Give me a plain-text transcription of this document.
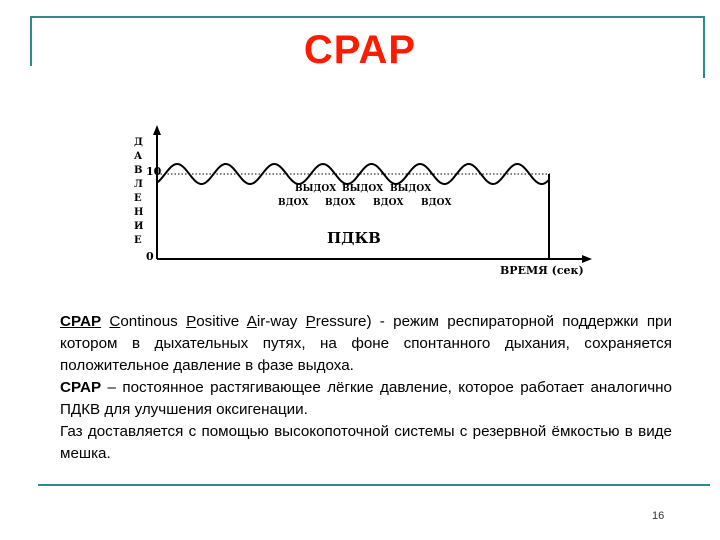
CPAP
Д
А
В
Л
Е
Н
И
Е
10
0
ВЫДОХ ВЫДОХ ВЫДОХ
ВДОХ ВДОХ ВДОХ ВДОХ
ПДКВ
ВРЕМЯ (сек)

CPAP Continous Positive Air-way Pressure) - режим респираторной поддержки при котором в дыхательных путях, на фоне спонтанного дыхания, сохраняется положительное давление в фазе выдоха.

CPAP – постоянное растягивающее лёгкие давление, которое работает аналогично ПДКВ для улучшения оксигенации.

Газ доставляется с помощью высокопоточной системы с резервной ёмкостью в виде мешка.

16
